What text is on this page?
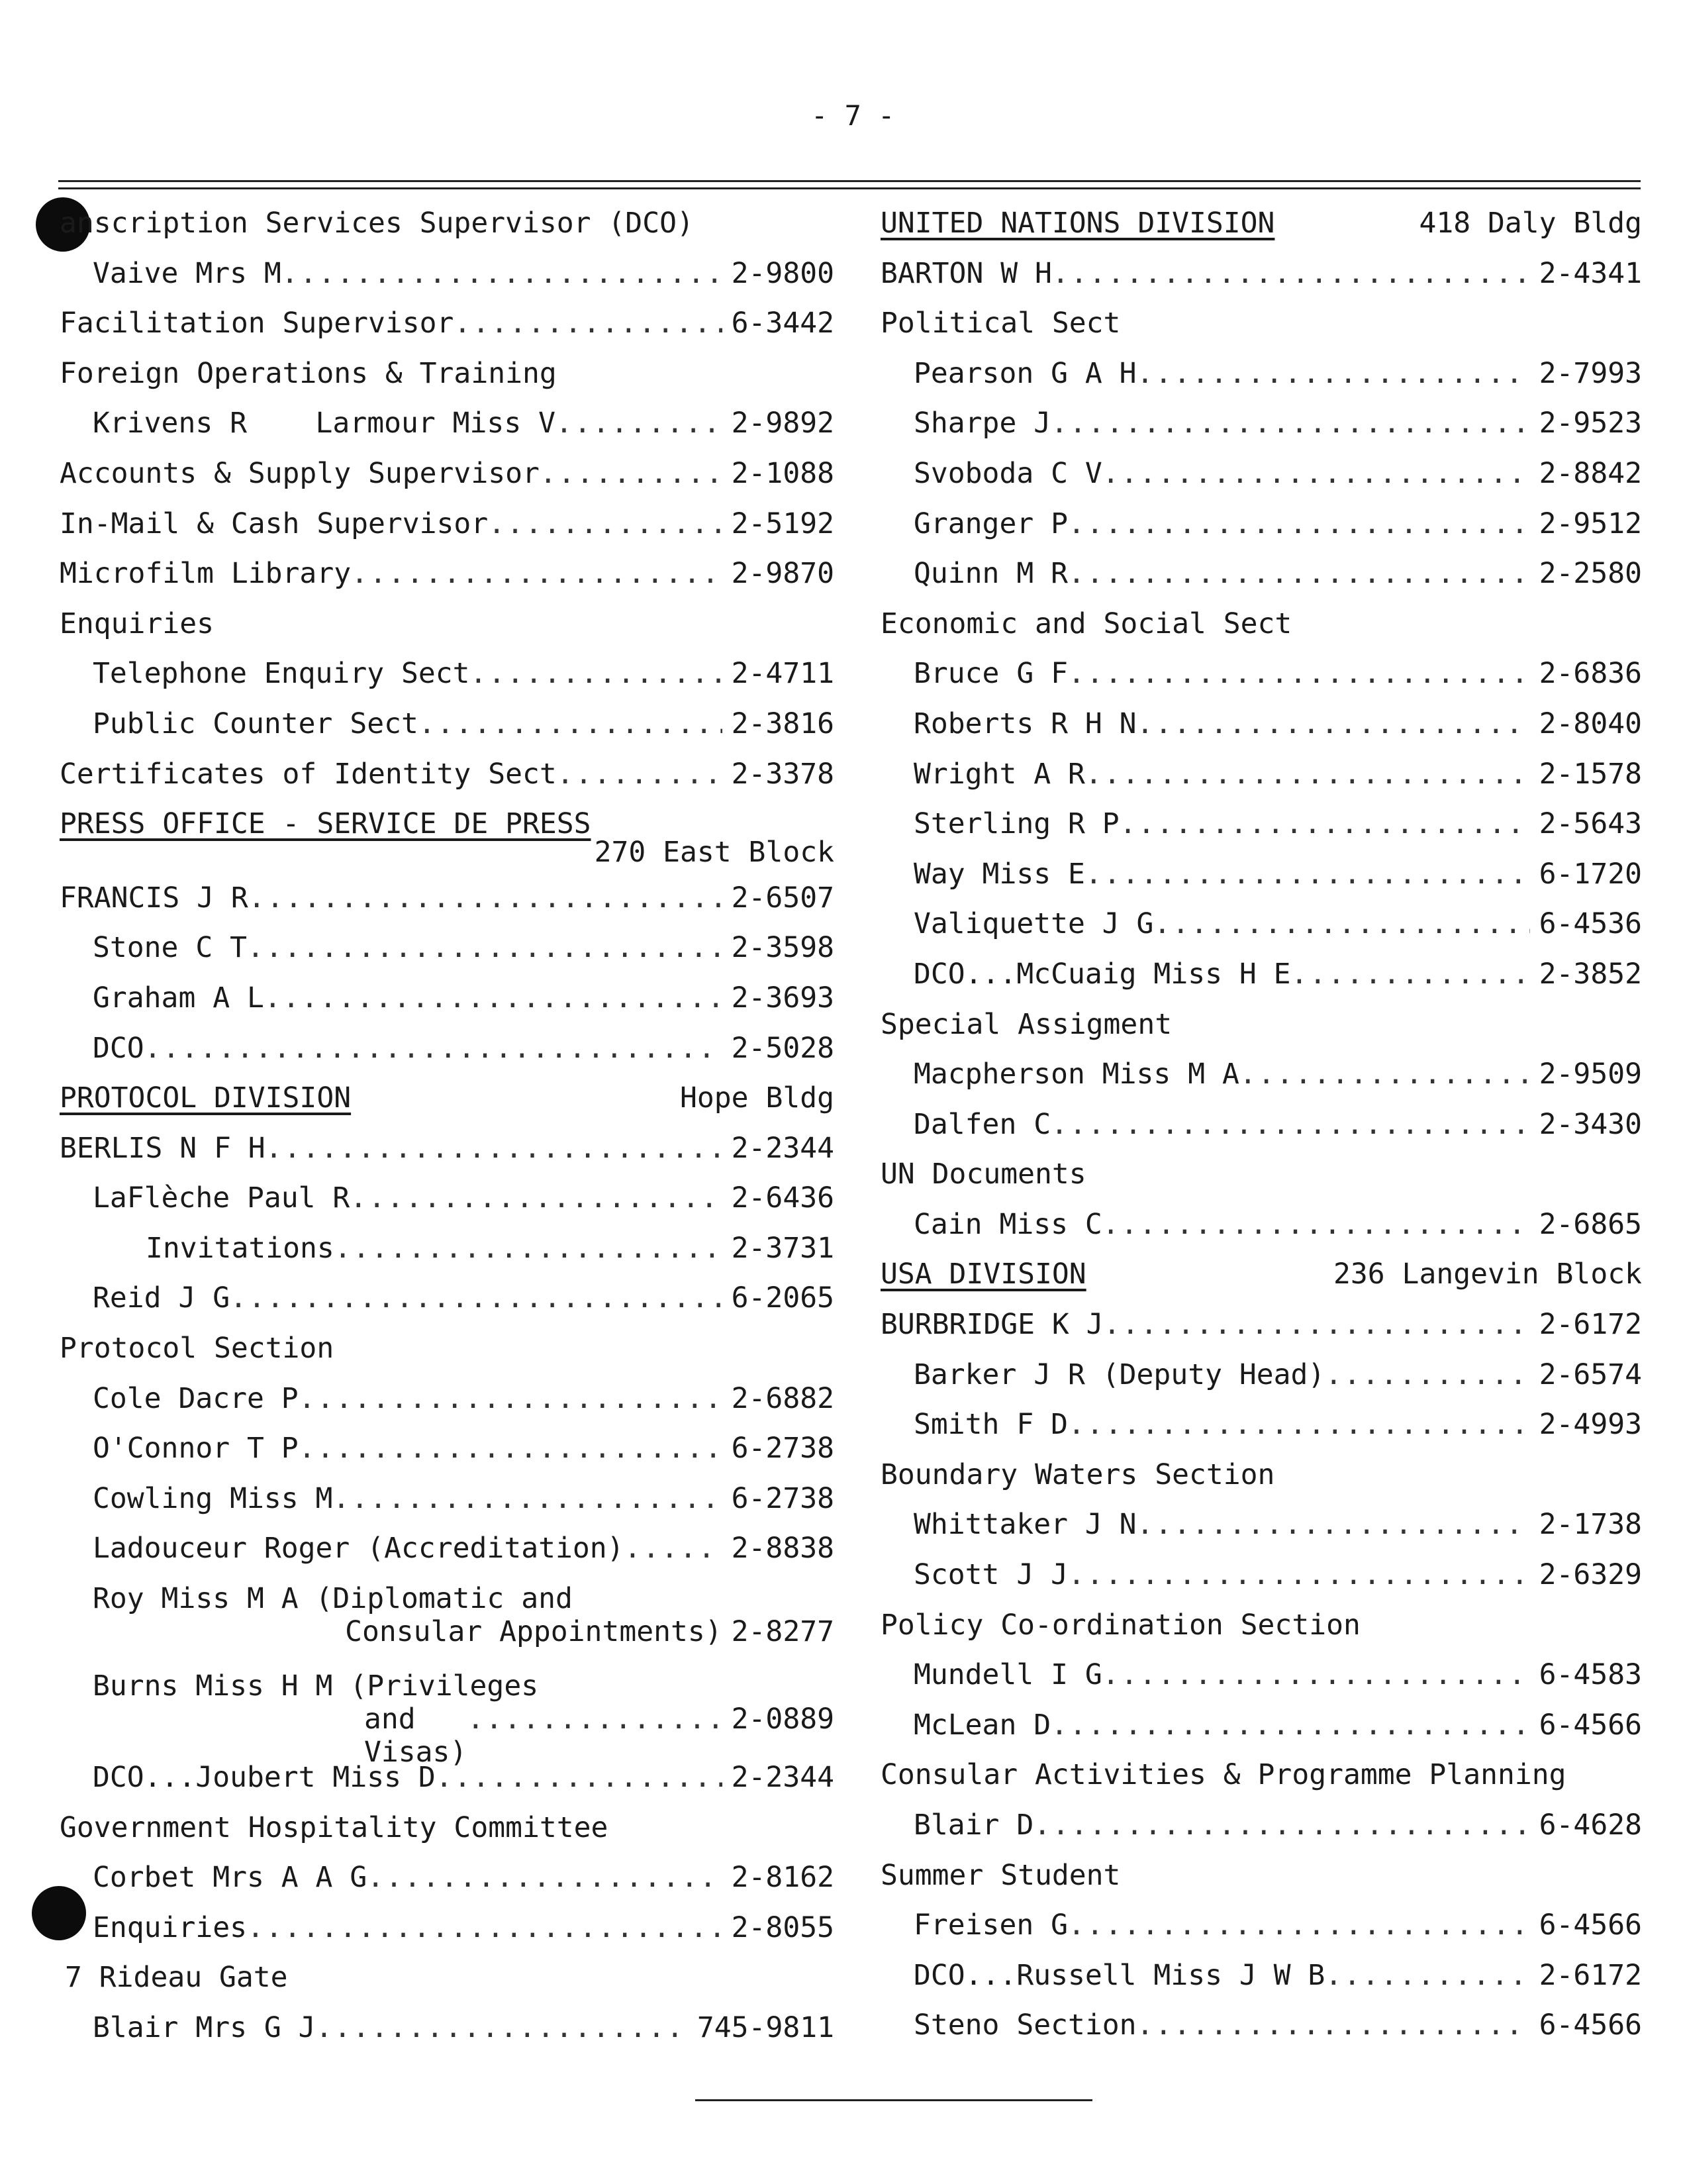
- 7 -
anscription Services Supervisor (DCO)
Vaive Mrs M .....	2-9800
Facilitation Supervisor .....	6-3442
Foreign Operations & Training
Krivens R    Larmour Miss V .....	2-9892
Accounts & Supply Supervisor .....	2-1088
In-Mail & Cash Supervisor .....	2-5192
Microfilm Library .....	2-9870
Enquiries
Telephone Enquiry Sect .....	2-4711
Public Counter Sect .....	2-3816
Certificates of Identity Sect .....	2-3378
PRESS OFFICE - SERVICE DE PRESS
270 East Block
FRANCIS J R .....	2-6507
Stone C T .....	2-3598
Graham A L .....	2-3693
DCO .....	2-5028
PROTOCOL DIVISION	Hope Bldg
BERLIS N F H .....	2-2344
LaFlèche Paul R .....	2-6436
Invitations .....	2-3731
Reid J G .....	6-2065
Protocol Section
Cole Dacre P .....	2-6882
O'Connor T P .....	6-2738
Cowling Miss M .....	6-2738
Ladouceur Roger (Accreditation) .....	2-8838
Roy Miss M A (Diplomatic and
Consular Appointments) 2-8277
Burns Miss H M (Privileges
and Visas)
.....
2-0889
DCO...Joubert Miss D .....	2-2344
Government Hospitality Committee
Corbet Mrs A A G .....	2-8162
Enquiries .....	2-8055
7 Rideau Gate
Blair Mrs G J .....	745-9811
UNITED NATIONS DIVISION	418 Daly Bldg
BARTON W H .....	2-4341
Political Sect
Pearson G A H .....	2-7993
Sharpe J .....	2-9523
Svoboda C V .....	2-8842
Granger P .....	2-9512
Quinn M R .....	2-2580
Economic and Social Sect
Bruce G F .....	2-6836
Roberts R H N .....	2-8040
Wright A R .....	2-1578
Sterling R P .....	2-5643
Way Miss E .....	6-1720
Valiquette J G .....	6-4536
DCO...McCuaig Miss H E .....	2-3852
Special Assigment
Macpherson Miss M A .....	2-9509
Dalfen C .....	2-3430
UN Documents
Cain Miss C .....	2-6865
USA DIVISION	236 Langevin Block
BURBRIDGE K J .....	2-6172
Barker J R (Deputy Head) .....	2-6574
Smith F D .....	2-4993
Boundary Waters Section
Whittaker J N .....	2-1738
Scott J J .....	2-6329
Policy Co-ordination Section
Mundell I G .....	6-4583
McLean D .....	6-4566
Consular Activities & Programme Planning
Blair D .....	6-4628
Summer Student
Freisen G .....	6-4566
DCO...Russell Miss J W B .....	2-6172
Steno Section .....	6-4566
